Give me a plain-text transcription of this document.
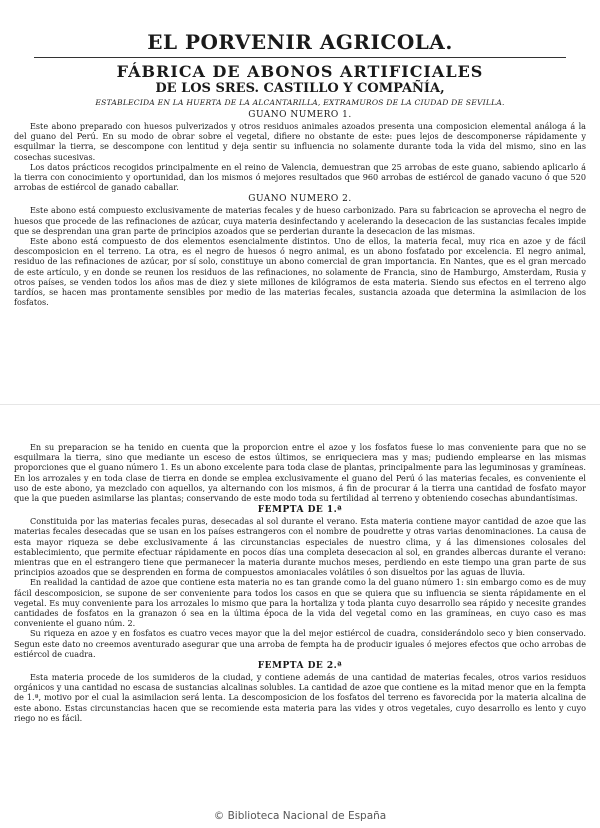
EL PORVENIR AGRICOLA.
FÁBRICA DE ABONOS ARTIFICIALES
DE LOS SRES. CASTILLO Y COMPAÑÍA,
ESTABLECIDA EN LA HUERTA DE LA ALCANTARILLA, EXTRAMUROS DE LA CIUDAD DE SEVILLA.
GUANO NUMERO 1.

Este abono preparado con huesos pulverizados y otros residuos animales azoados presenta una composicion elemental análoga á la del guano del Perú. En su modo de obrar sobre el vegetal, difiere no obstante de este: pues lejos de descomponerse rápidamente y esquilmar la tierra, se descompone con lentitud y deja sentir su influencia no solamente durante toda la vida del mismo, sino en las cosechas sucesivas.

Los datos prácticos recogidos principalmente en el reino de Valencia, demuestran que 25 arrobas de este guano, sabiendo aplicarlo á la tierra con conocimiento y oportunidad, dan los mismos ó mejores resultados que 960 arrobas de estiércol de ganado vacuno ó que 520 arrobas de estiércol de ganado caballar.

GUANO NUMERO 2.

Este abono está compuesto exclusivamente de materias fecales y de hueso carbonizado. Para su fabricacion se aprovecha el negro de huesos que procede de las refinaciones de azúcar, cuya materia desinfectando y acelerando la desecacion de las sustancias fecales impide que se desprendan una gran parte de principios azoados que se perderian durante la desecacion de las mismas.

Este abono está compuesto de dos elementos esencialmente distintos. Uno de ellos, la materia fecal, muy rica en azoe y de fácil descomposicion en el terreno. La otra, es el negro de huesos ó negro animal, es un abono fosfatado por excelencia. El negro animal, residuo de las refinaciones de azúcar, por sí solo, constituye un abono comercial de gran importancia. En Nantes, que es el gran mercado de este artículo, y en donde se reunen los residuos de las refinaciones, no solamente de Francia, sino de Hamburgo, Amsterdam, Rusia y otros países, se venden todos los años mas de diez y siete millones de kilógramos de esta materia. Siendo sus efectos en el terreno algo tardíos, se hacen mas prontamente sensibles por medio de las materias fecales, sustancia azoada que determina la asimilacion de los fosfatos.

En su preparacion se ha tenido en cuenta que la proporcion entre el azoe y los fosfatos fuese lo mas conveniente para que no se esquilmara la tierra, sino que mediante un esceso de estos últimos, se enriqueciera mas y mas; pudiendo emplearse en las mismas proporciones que el guano número 1. Es un abono excelente para toda clase de plantas, principalmente para las leguminosas y gramíneas. En los arrozales y en toda clase de tierra en donde se emplea exclusivamente el guano del Perú ó las materias fecales, es conveniente el uso de este abono, ya mezclado con aquellos, ya alternando con los mismos, á fin de procurar á la tierra una cantidad de fosfato mayor que la que pueden asimilarse las plantas; conservando de este modo toda su fertilidad al terreno y obteniendo cosechas abundantísimas.

FEMPTA DE 1.ª

Constituida por las materias fecales puras, desecadas al sol durante el verano. Esta materia contiene mayor cantidad de azoe que las materias fecales desecadas que se usan en los países estrangeros con el nombre de poudrette y otras varias denominaciones. La causa de esta mayor riqueza se debe exclusivamente á las circunstancias especiales de nuestro clima, y á las dimensiones colosales del establecimiento, que permite efectuar rápidamente en pocos días una completa desecacion al sol, en grandes albercas durante el verano: mientras que en el estrangero tiene que permanecer la materia durante muchos meses, perdiendo en este tiempo una gran parte de sus principios azoados que se desprenden en forma de compuestos amoniacales volátiles ó son disueltos por las aguas de lluvia.

En realidad la cantidad de azoe que contiene esta materia no es tan grande como la del guano número 1: sin embargo como es de muy fácil descomposicion, se supone de ser conveniente para todos los casos en que se quiera que su influencia se sienta rápidamente en el vegetal. Es muy conveniente para los arrozales lo mismo que para la hortaliza y toda planta cuyo desarrollo sea rápido y necesite grandes cantidades de fosfatos en la granazon ó sea en la última época de la vida del vegetal como en las gramíneas, en cuyo caso es mas conveniente el guano núm. 2.

Su riqueza en azoe y en fosfatos es cuatro veces mayor que la del mejor estiércol de cuadra, considerándolo seco y bien conservado. Segun este dato no creemos aventurado asegurar que una arroba de fempta ha de producir iguales ó mejores efectos que ocho arrobas de estiércol de cuadra.

FEMPTA DE 2.ª

Esta materia procede de los sumideros de la ciudad, y contiene además de una cantidad de materias fecales, otros varios residuos orgánicos y una cantidad no escasa de sustancias alcalinas solubles. La cantidad de azoe que contiene es la mitad menor que en la fempta de 1.ª, motivo por el cual la asimilacion será lenta. La descomposicion de los fosfatos del terreno es favorecida por la materia alcalina de este abono. Estas circunstancias hacen que se recomiende esta materia para las vides y otros vegetales, cuyo desarrollo es lento y cuyo riego no es fácil.

© Biblioteca Nacional de España
